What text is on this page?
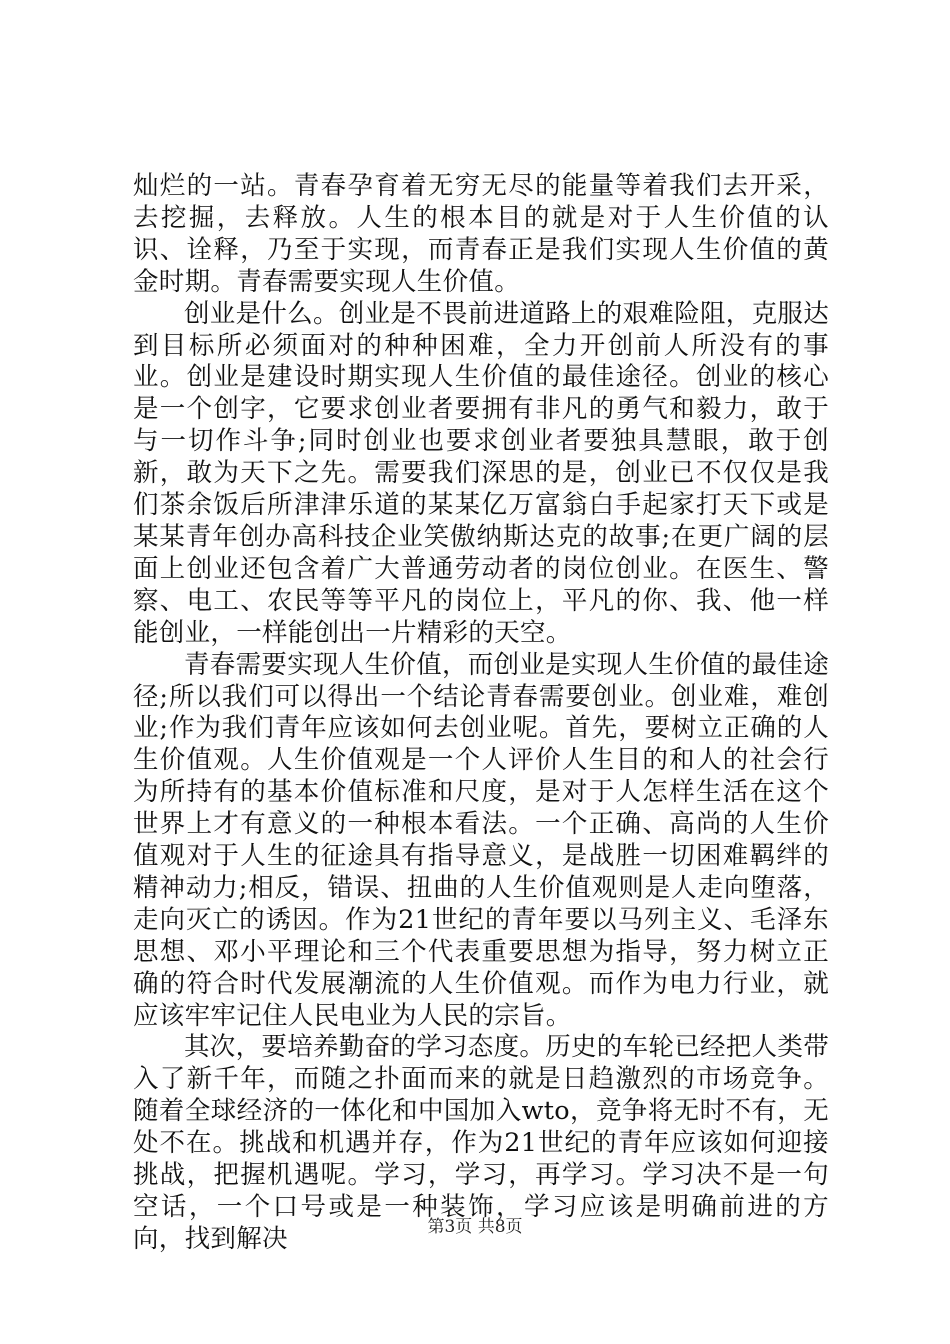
灿烂的一站。青春孕育着无穷无尽的能量等着我们去开采，去挖掘，去释放。人生的根本目的就是对于人生价值的认识、诠释，乃至于实现，而青春正是我们实现人生价值的黄金时期。青春需要实现人生价值。

创业是什么。创业是不畏前进道路上的艰难险阻，克服达到目标所必须面对的种种困难，全力开创前人所没有的事业。创业是建设时期实现人生价值的最佳途径。创业的核心是一个创字，它要求创业者要拥有非凡的勇气和毅力，敢于与一切作斗争;同时创业也要求创业者要独具慧眼，敢于创新，敢为天下之先。需要我们深思的是，创业已不仅仅是我们茶余饭后所津津乐道的某某亿万富翁白手起家打天下或是某某青年创办高科技企业笑傲纳斯达克的故事;在更广阔的层面上创业还包含着广大普通劳动者的岗位创业。在医生、警察、电工、农民等等平凡的岗位上，平凡的你、我、他一样能创业，一样能创出一片精彩的天空。

青春需要实现人生价值，而创业是实现人生价值的最佳途径;所以我们可以得出一个结论青春需要创业。创业难，难创业;作为我们青年应该如何去创业呢。首先，要树立正确的人生价值观。人生价值观是一个人评价人生目的和人的社会行为所持有的基本价值标准和尺度，是对于人怎样生活在这个世界上才有意义的一种根本看法。一个正确、高尚的人生价值观对于人生的征途具有指导意义，是战胜一切困难羁绊的精神动力;相反，错误、扭曲的人生价值观则是人走向堕落，走向灭亡的诱因。作为21世纪的青年要以马列主义、毛泽东思想、邓小平理论和三个代表重要思想为指导，努力树立正确的符合时代发展潮流的人生价值观。而作为电力行业，就应该牢牢记住人民电业为人民的宗旨。

其次，要培养勤奋的学习态度。历史的车轮已经把人类带入了新千年，而随之扑面而来的就是日趋激烈的市场竞争。随着全球经济的一体化和中国加入wto，竞争将无时不有，无处不在。挑战和机遇并存，作为21世纪的青年应该如何迎接挑战，把握机遇呢。学习，学习，再学习。学习决不是一句空话，一个口号或是一种装饰，学习应该是明确前进的方向，找到解决	第3页 共8页
